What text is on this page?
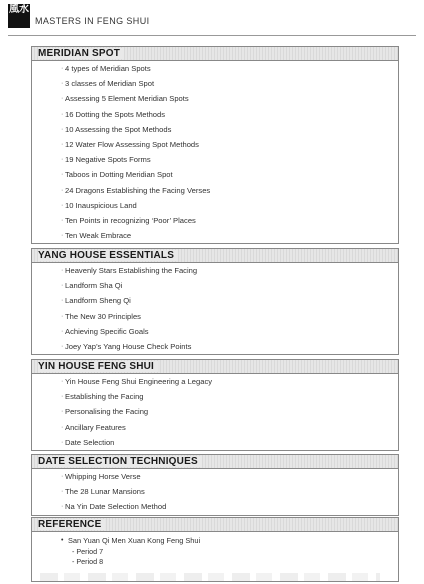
風水
MASTERS IN FENG SHUI
MERIDIAN SPOT
· 4 types of Meridian Spots
· 3 classes of Meridian Spot
· Assessing 5 Element Meridian Spots
· 16 Dotting the Spots Methods
· 10 Assessing the Spot Methods
· 12 Water Flow Assessing Spot Methods
· 19 Negative Spots Forms
· Taboos in Dotting Meridian Spot
· 24 Dragons Establishing the Facing Verses
· 10 Inauspicious Land
· Ten Points in recognizing ‘Poor’ Places
· Ten Weak Embrace
YANG HOUSE ESSENTIALS
· Heavenly Stars Establishing the Facing
· Landform Sha Qi
· Landform Sheng Qi
· The New 30 Principles
· Achieving Specific Goals
· Joey Yap’s Yang House Check Points
YIN HOUSE FENG SHUI
· Yin House Feng Shui Engineering a Legacy
· Establishing the Facing
· Personalising the Facing
· Ancillary Features
· Date Selection
DATE SELECTION TECHNIQUES
· Whipping Horse Verse
· The 28 Lunar Mansions
· Na Yin Date Selection Method
REFERENCE
• San Yuan Qi Men Xuan Kong Feng Shui
- Period 7
- Period 8
